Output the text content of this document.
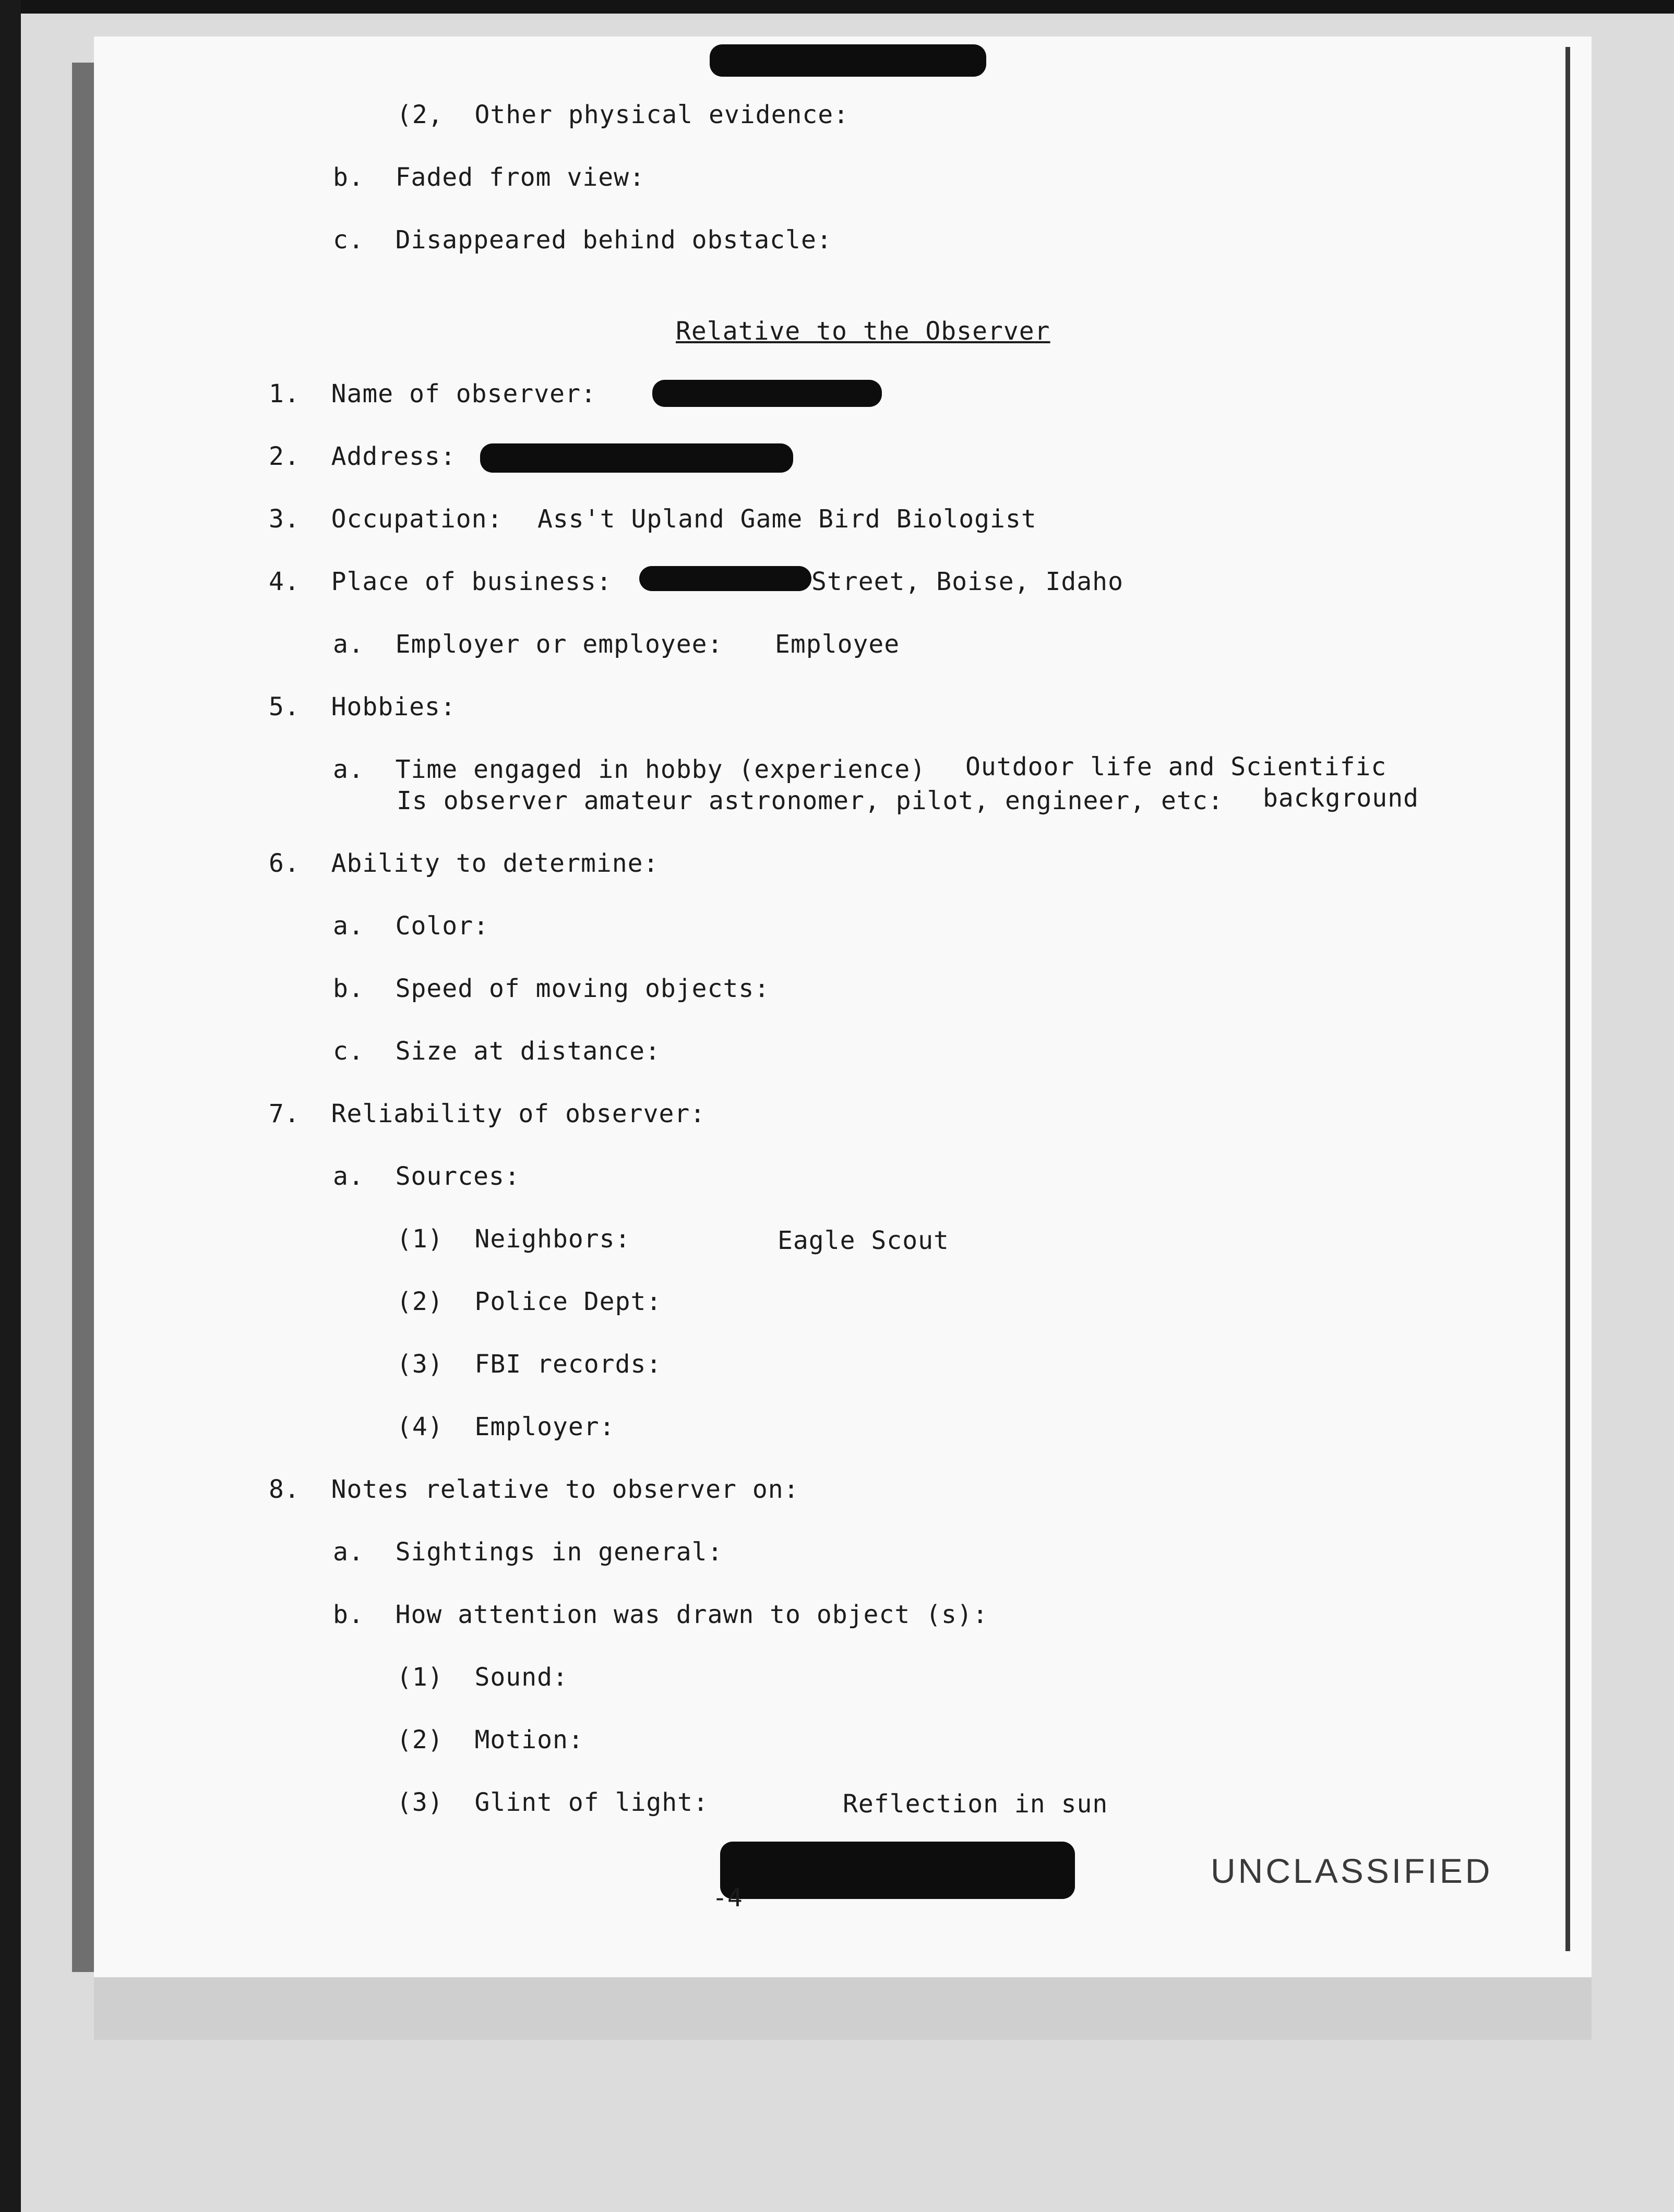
(2,  Other physical evidence:
b.  Faded from view:
c.  Disappeared behind obstacle:
Relative to the Observer
1.  Name of observer:
2.  Address:
3.  Occupation: Ass't Upland Game Bird Biologist
4.  Place of business:	Street, Boise, Idaho
a.  Employer or employee: Employee
5.  Hobbies:
a.  Time engaged in hobby (experience) Outdoor life and Scientific
Is observer amateur astronomer, pilot, engineer, etc: background
6.  Ability to determine:
a.  Color:
b.  Speed of moving objects:
c.  Size at distance:
7.  Reliability of observer:
a.  Sources:
(1)  Neighbors:	Eagle Scout
(2)  Police Dept:
(3)  FBI records:
(4)  Employer:
8.  Notes relative to observer on:
a.  Sightings in general:
b.  How attention was drawn to object (s):
(1)  Sound:
(2)  Motion:
(3)  Glint of light:	Reflection in sun
-4
UNCLASSIFIED
